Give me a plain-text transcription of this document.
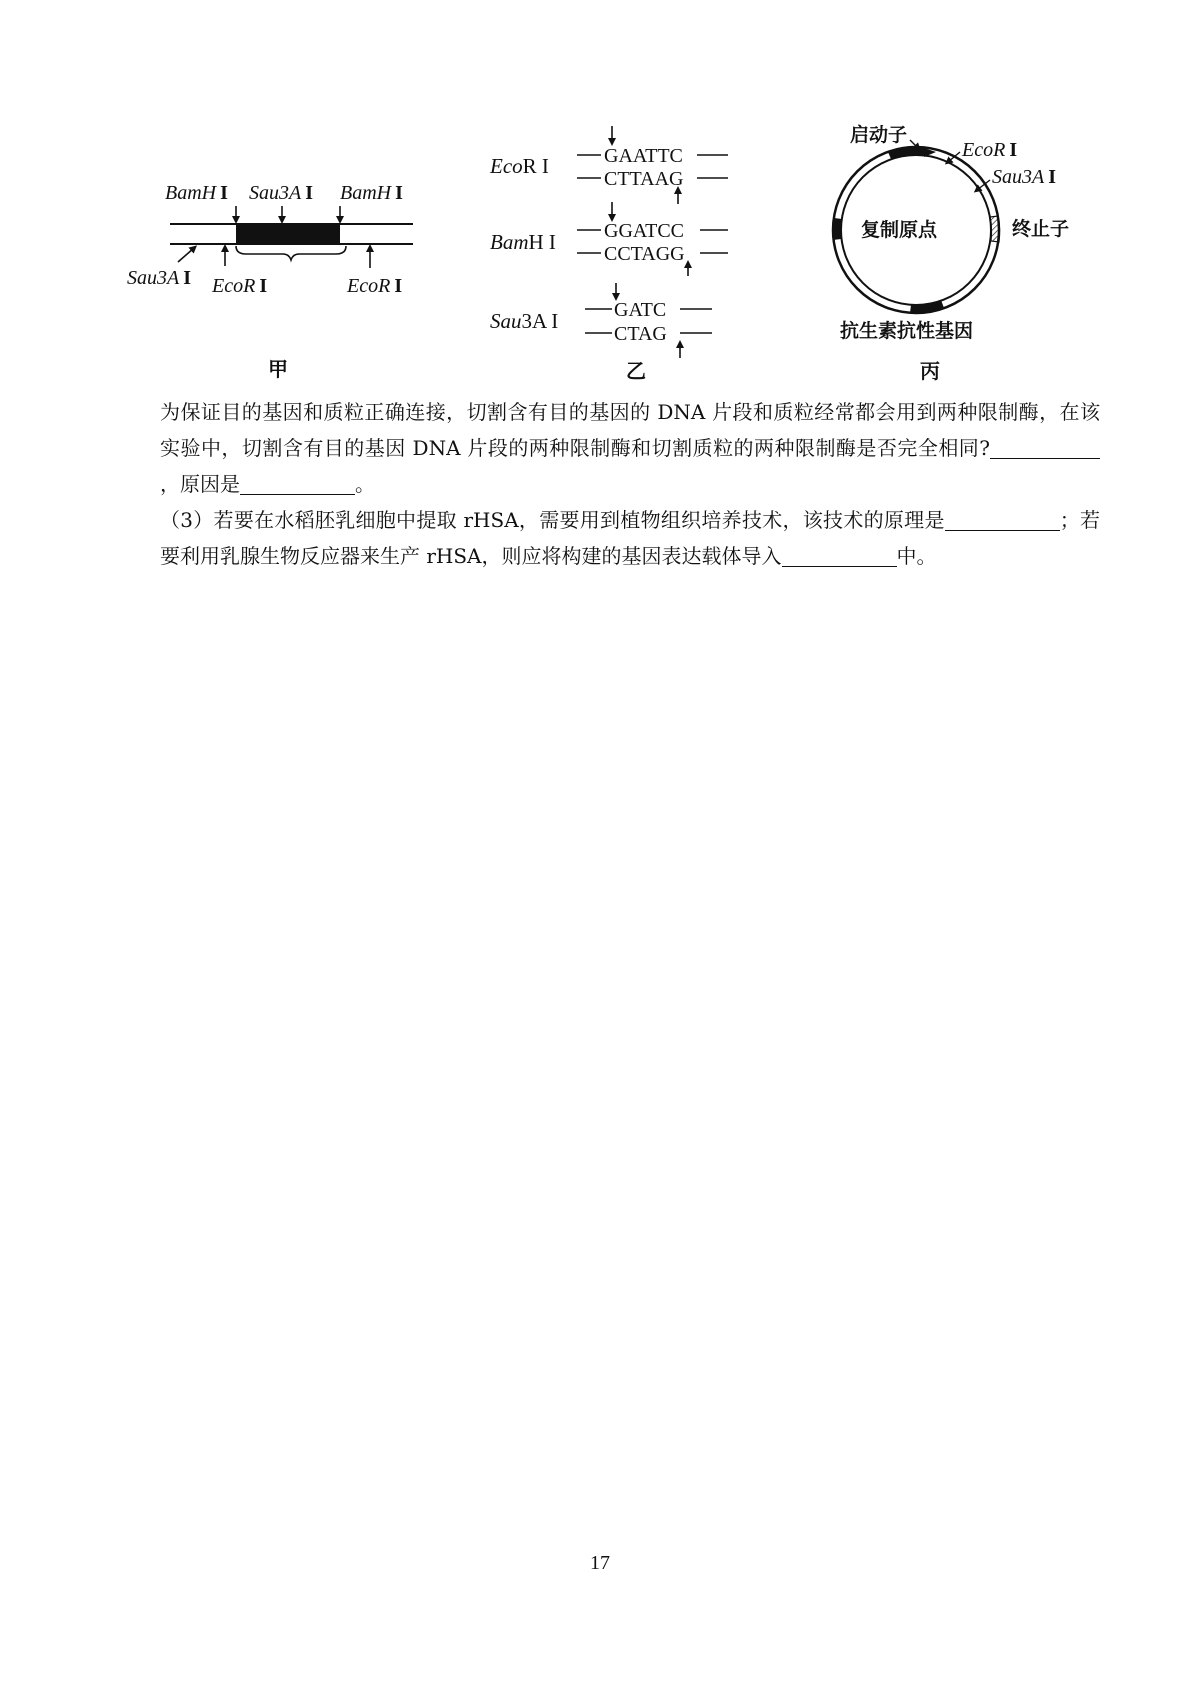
BamH I Sau3A I BamH I
Sau3A I EcoR I	EcoR I
甲
EcoR I	GAATTC
CTTAAG
BamH I GGATCC
CCTAGG
Sau3A I	GATC
CTAG
乙
启动子
EcoR I
Sau3A I
复制原点	终止子
抗生素抗性基因
丙

为保证目的基因和质粒正确连接，切割含有目的基因的 DNA 片段和质粒经常都会用到两种限制酶，在该实验中，切割含有目的基因 DNA 片段的两种限制酶和切割质粒的两种限制酶是否完全相同?，原因是	。

（3）若要在水稻胚乳细胞中提取 rHSA，需要用到植物组织培养技术，该技术的原理是	；若要利用乳腺生物反应器来生产 rHSA，则应将构建的基因表达载体导入	中。

17
